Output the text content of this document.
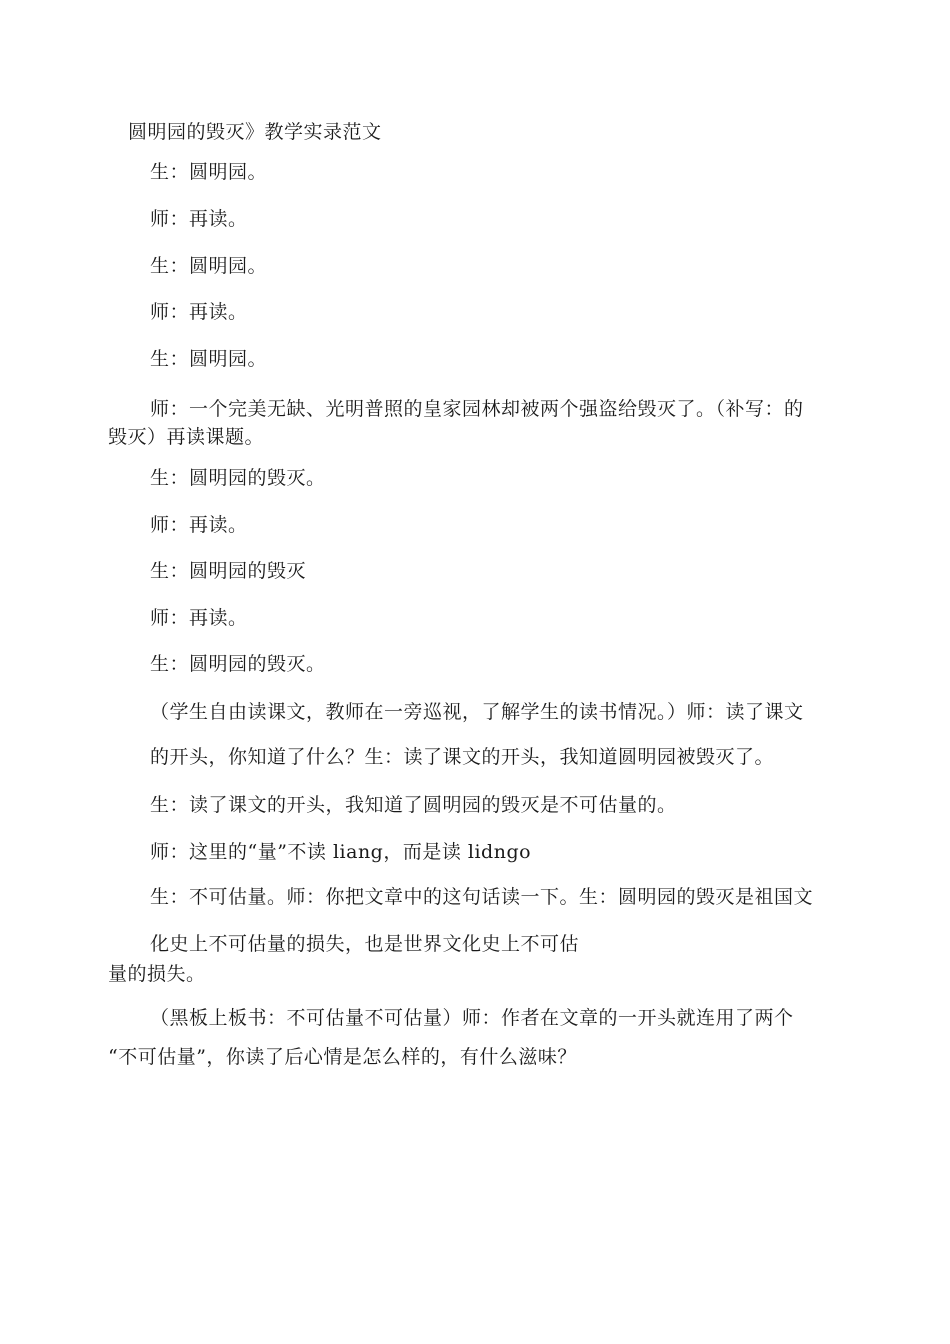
圆明园的毁灭》教学实录范文
生：圆明园。
师：再读。
生：圆明园。
师：再读。
生：圆明园。
师：一个完美无缺、光明普照的皇家园林却被两个强盗给毁灭了。（补写：的
毁灭）再读课题。
生：圆明园的毁灭。
师：再读。
生：圆明园的毁灭
师：再读。
生：圆明园的毁灭。
（学生自由读课文，教师在一旁巡视，了解学生的读书情况。）师：读了课文
的开头，你知道了什么？生：读了课文的开头，我知道圆明园被毁灭了。
生：读了课文的开头，我知道了圆明园的毁灭是不可估量的。
师：这里的“量”不读 liang，而是读 lidngo
生：不可估量。师：你把文章中的这句话读一下。生：圆明园的毁灭是祖国文
化史上不可估量的损失，也是世界文化史上不可估
量的损失。
（黑板上板书：不可估量不可估量）师：作者在文章的一开头就连用了两个
“不可估量”，你读了后心情是怎么样的，有什么滋味？
